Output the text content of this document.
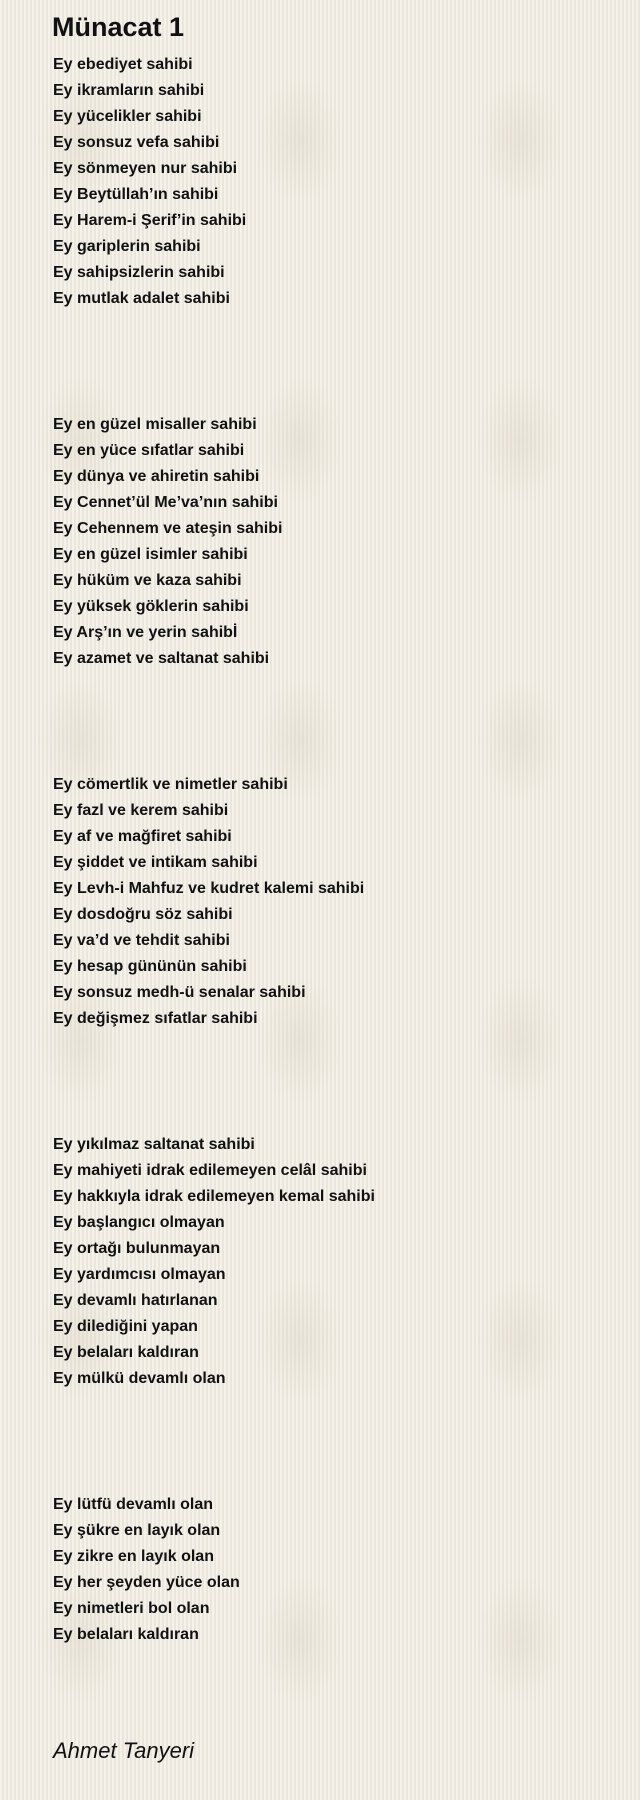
Münacat 1
Ey ebediyet sahibi
Ey ikramların sahibi
Ey yücelikler sahibi
Ey sonsuz vefa sahibi
Ey sönmeyen nur sahibi
Ey Beytüllah’ın sahibi
Ey Harem-i Şerif’in sahibi
Ey gariplerin sahibi
Ey sahipsizlerin sahibi
Ey mutlak adalet sahibi
Ey en güzel misaller sahibi
Ey en yüce sıfatlar sahibi
Ey dünya ve ahiretin sahibi
Ey Cennet’ül Me’va’nın sahibi
Ey Cehennem ve ateşin sahibi
Ey en güzel isimler sahibi
Ey hüküm ve kaza sahibi
Ey yüksek göklerin sahibi
Ey Arş’ın ve yerin sahibİ
Ey azamet ve saltanat sahibi
Ey cömertlik ve nimetler sahibi
Ey fazl ve kerem sahibi
Ey af ve mağfiret sahibi
Ey şiddet ve intikam sahibi
Ey Levh-i Mahfuz ve kudret kalemi sahibi
Ey dosdoğru söz sahibi
Ey va’d ve tehdit sahibi
Ey hesap gününün sahibi
Ey sonsuz medh-ü senalar sahibi
Ey değişmez sıfatlar sahibi
Ey yıkılmaz saltanat sahibi
Ey mahiyeti idrak edilemeyen celâl sahibi
Ey hakkıyla idrak edilemeyen kemal sahibi
Ey başlangıcı olmayan
Ey ortağı bulunmayan
Ey yardımcısı olmayan
Ey devamlı hatırlanan
Ey dilediğini yapan
Ey belaları kaldıran
Ey mülkü devamlı olan
Ey lütfü devamlı olan
Ey şükre en layık olan
Ey zikre en layık olan
Ey her şeyden yüce olan
Ey nimetleri bol olan
Ey belaları kaldıran
Ahmet Tanyeri
